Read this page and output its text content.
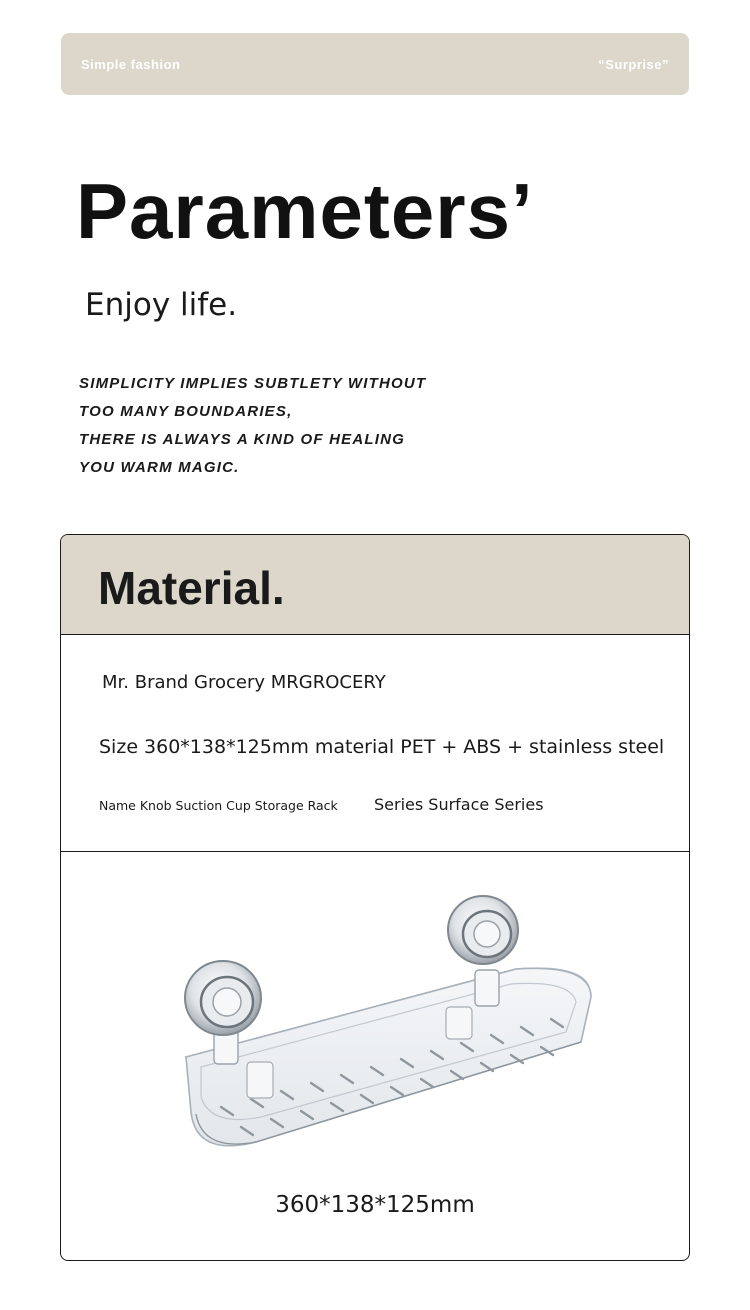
Simple fashion	“Surprise”
Parameters’
Enjoy life.
SIMPLICITY IMPLIES SUBTLETY WITHOUT
TOO MANY BOUNDARIES,
THERE IS ALWAYS A KIND OF HEALING
YOU WARM MAGIC.
Material.
Mr. Brand Grocery MRGROCERY
Size 360*138*125mm material PET + ABS + stainless steel
Name Knob Suction Cup Storage Rack Series Surface Series
360*138*125mm
